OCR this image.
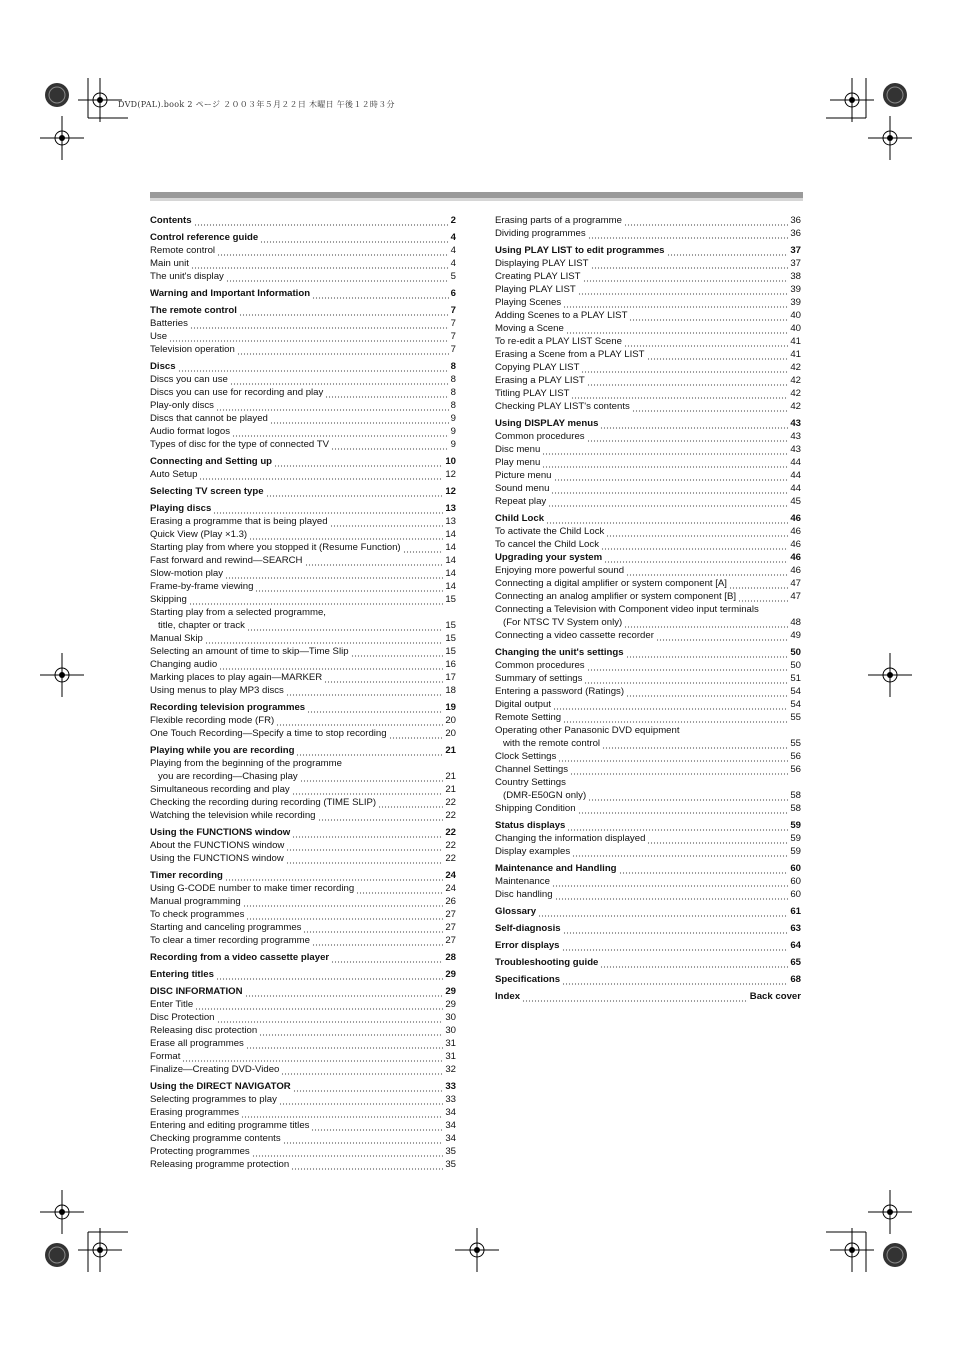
DVD(PAL).book 2 ページ ２００３年５月２２日 木曜日 午後１２時３分
Contents	2
Control reference guide	4
Remote control	4
Main unit	4
The unit's display	5
Warning and Important Information	6
The remote control	7
Batteries	7
Use	7
Television operation	7
Discs	8
Discs you can use	8
Discs you can use for recording and play	8
Play-only discs	8
Discs that cannot be played	9
Audio format logos	9
Types of disc for the type of connected TV	9
Connecting and Setting up	10
Auto Setup	12
Selecting TV screen type	12
Playing discs	13
Erasing a programme that is being played	13
Quick View (Play ×1.3)	14
Starting play from where you stopped it (Resume Function)	14
Fast forward and rewind—SEARCH	14
Slow-motion play	14
Frame-by-frame viewing	14
Skipping	15
Starting play from a selected programme,
title, chapter or track	15
Manual Skip	15
Selecting an amount of time to skip—Time Slip	15
Changing audio	16
Marking places to play again—MARKER	17
Using menus to play MP3 discs	18
Recording television programmes	19
Flexible recording mode (FR)	20
One Touch Recording—Specify a time to stop recording	20
Playing while you are recording	21
Playing from the beginning of the programme
you are recording—Chasing play	21
Simultaneous recording and play	21
Checking the recording during recording (TIME SLIP)	22
Watching the television while recording	22
Using the FUNCTIONS window	22
About the FUNCTIONS window	22
Using the FUNCTIONS window	22
Timer recording	24
Using G-CODE number to make timer recording	24
Manual programming	26
To check programmes	27
Starting and canceling programmes	27
To clear a timer recording programme	27
Recording from a video cassette player	28
Entering titles	29
DISC INFORMATION	29
Enter Title	29
Disc Protection	30
Releasing disc protection	30
Erase all programmes	31
Format	31
Finalize—Creating DVD-Video	32
Using the DIRECT NAVIGATOR	33
Selecting programmes to play	33
Erasing programmes	34
Entering and editing programme titles	34
Checking programme contents	34
Protecting programmes	35
Releasing programme protection	35
Erasing parts of a programme	36
Dividing programmes	36
Using PLAY LIST to edit programmes	37
Displaying PLAY LIST	37
Creating PLAY LIST	38
Playing PLAY LIST	39
Playing Scenes	39
Adding Scenes to a PLAY LIST	40
Moving a Scene	40
To re-edit a PLAY LIST Scene	41
Erasing a Scene from a PLAY LIST	41
Copying PLAY LIST	42
Erasing a PLAY LIST	42
Titling PLAY LIST	42
Checking PLAY LIST's contents	42
Using DISPLAY menus	43
Common procedures	43
Disc menu	43
Play menu	44
Picture menu	44
Sound menu	44
Repeat play	45
Child Lock	46
To activate the Child Lock	46
To cancel the Child Lock	46
Upgrading your system	46
Enjoying more powerful sound	46
Connecting a digital amplifier or system component [A]	47
Connecting an analog amplifier or system component [B]	47
Connecting a Television with Component video input terminals
(For NTSC TV System only)	48
Connecting a video cassette recorder	49
Changing the unit's settings	50
Common procedures	50
Summary of settings	51
Entering a password (Ratings)	54
Digital output	54
Remote Setting	55
Operating other Panasonic DVD equipment
with the remote control	55
Clock Settings	56
Channel Settings	56
Country Settings
(DMR-E50GN only)	58
Shipping Condition	58
Status displays	59
Changing the information displayed	59
Display examples	59
Maintenance and Handling	60
Maintenance	60
Disc handling	60
Glossary	61
Self-diagnosis	63
Error displays	64
Troubleshooting guide	65
Specifications	68
Index	Back cover
